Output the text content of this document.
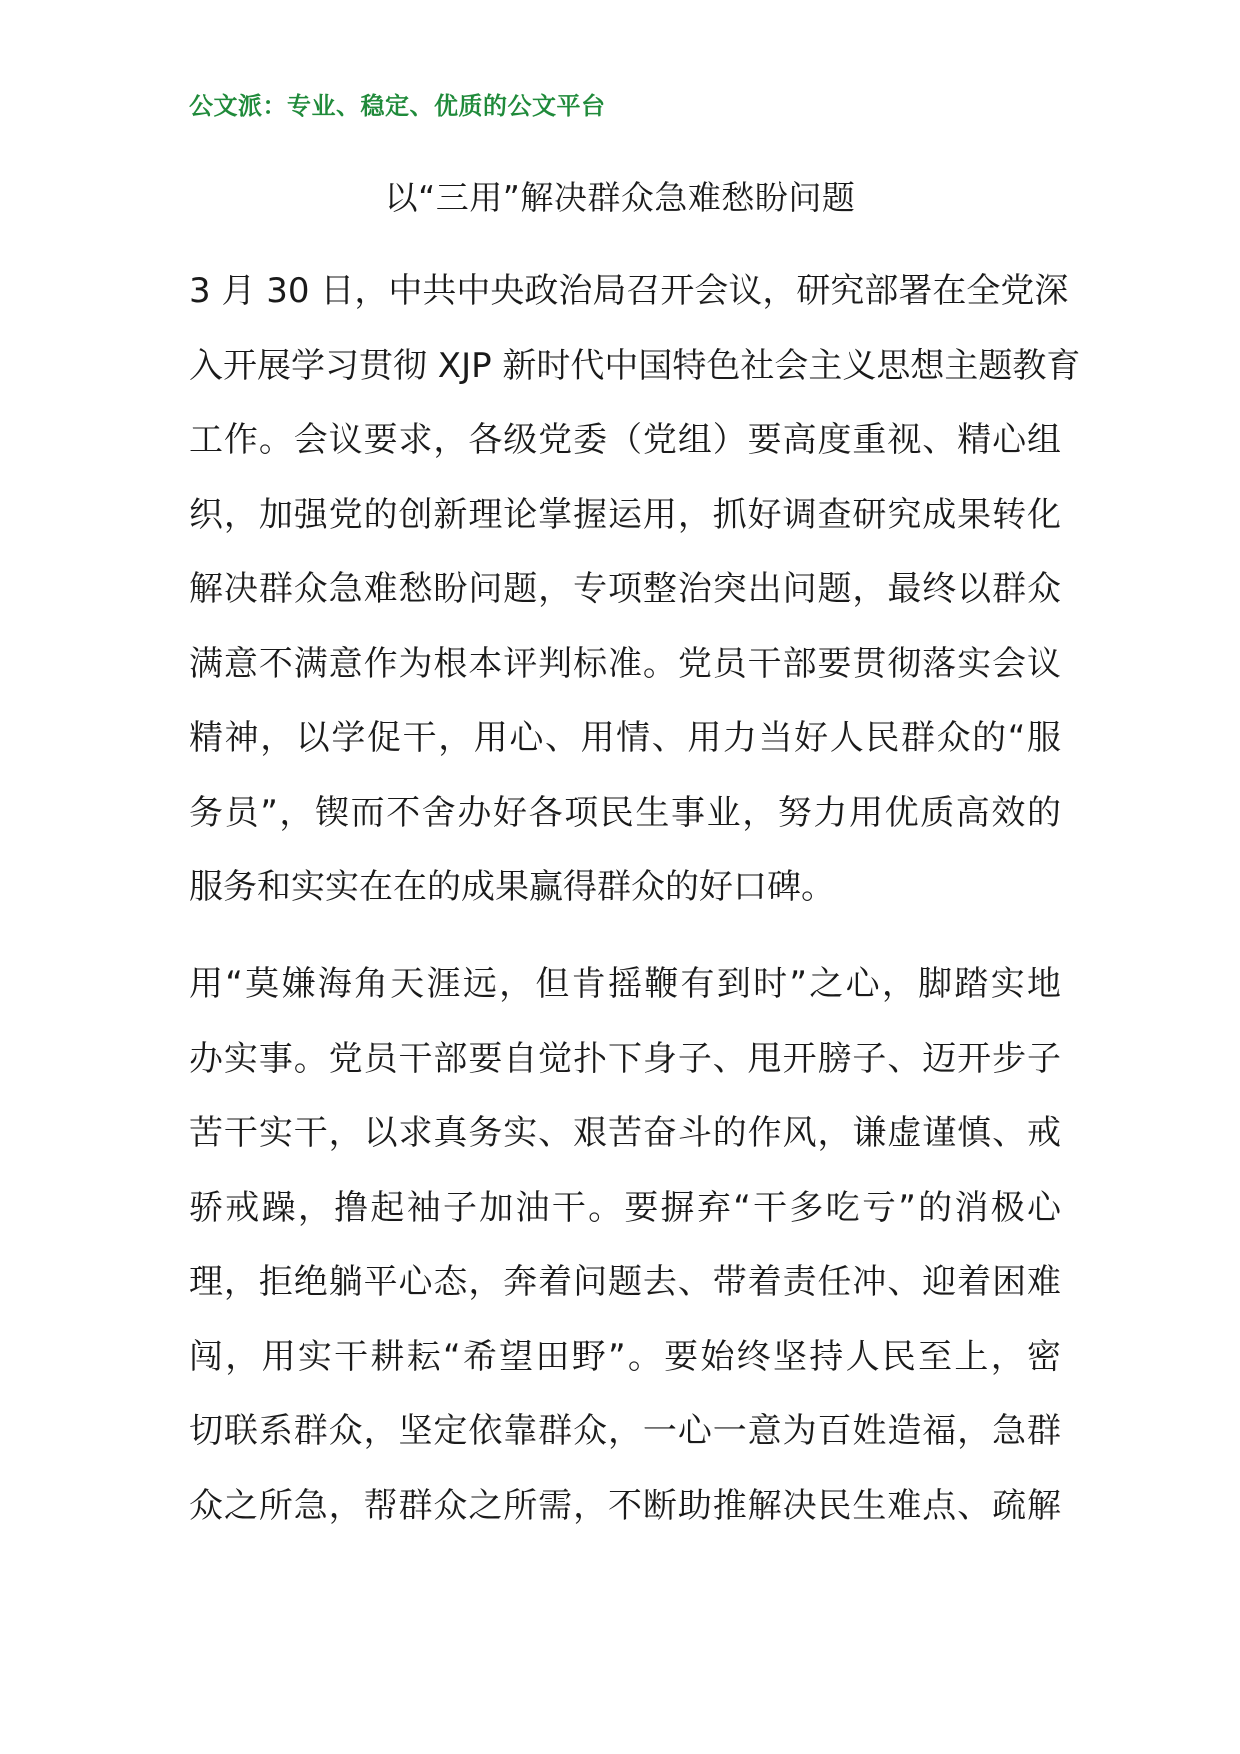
公文派：专业、稳定、优质的公文平台
以“三用”解决群众急难愁盼问题
3 月 30 日，中共中央政治局召开会议，研究部署在全党深
入开展学习贯彻 XJP 新时代中国特色社会主义思想主题教育
工作。会议要求，各级党委（党组）要高度重视、精心组
织，加强党的创新理论掌握运用，抓好调查研究成果转化
解决群众急难愁盼问题，专项整治突出问题，最终以群众
满意不满意作为根本评判标准。党员干部要贯彻落实会议
精神，以学促干，用心、用情、用力当好人民群众的“服
务员”，锲而不舍办好各项民生事业，努力用优质高效的
服务和实实在在的成果赢得群众的好口碑。
用“莫嫌海角天涯远，但肯摇鞭有到时”之心，脚踏实地
办实事。党员干部要自觉扑下身子、甩开膀子、迈开步子
苦干实干，以求真务实、艰苦奋斗的作风，谦虚谨慎、戒
骄戒躁，撸起袖子加油干。要摒弃“干多吃亏”的消极心
理，拒绝躺平心态，奔着问题去、带着责任冲、迎着困难
闯，用实干耕耘“希望田野”。要始终坚持人民至上，密
切联系群众，坚定依靠群众，一心一意为百姓造福，急群
众之所急，帮群众之所需，不断助推解决民生难点、疏解
